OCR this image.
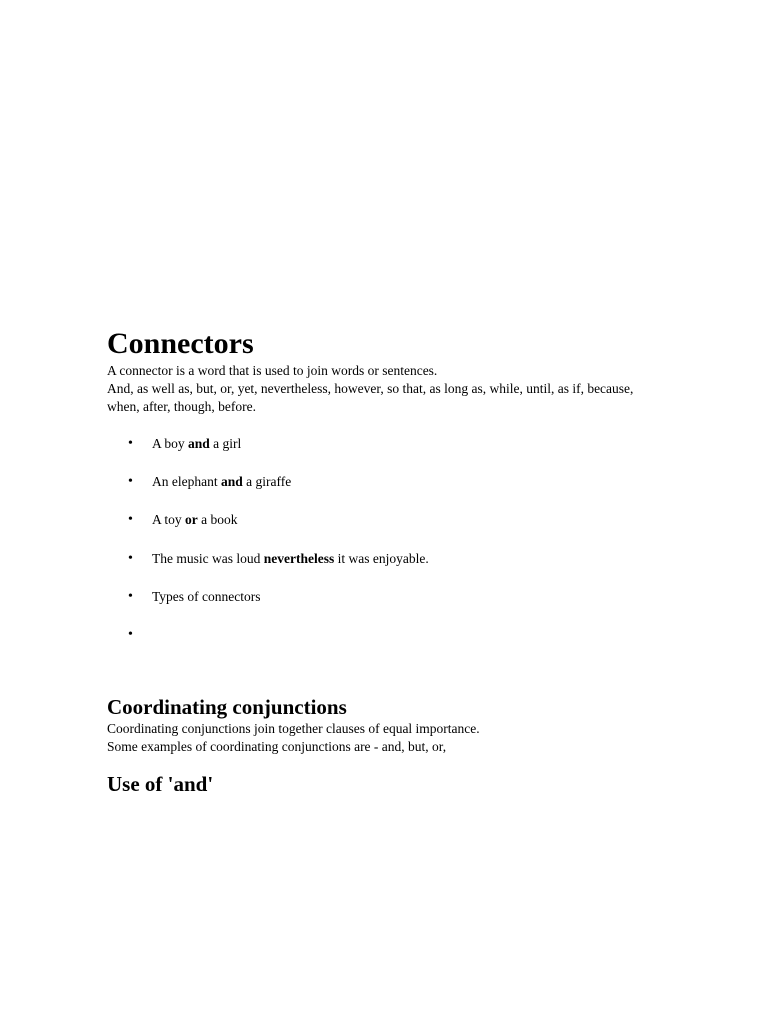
Connectors

A connector is a word that is used to join words or sentences.

And, as well as, but, or, yet, nevertheless, however, so that, as long as, while, until, as if, because, when, after, though, before.

• A boy and a girl
• An elephant and a giraffe
• A toy or a book
• The music was loud nevertheless it was enjoyable.
• Types of connectors
•
Coordinating conjunctions

Coordinating conjunctions join together clauses of equal importance.

Some examples of coordinating conjunctions are - and, but, or,

Use of 'and'
